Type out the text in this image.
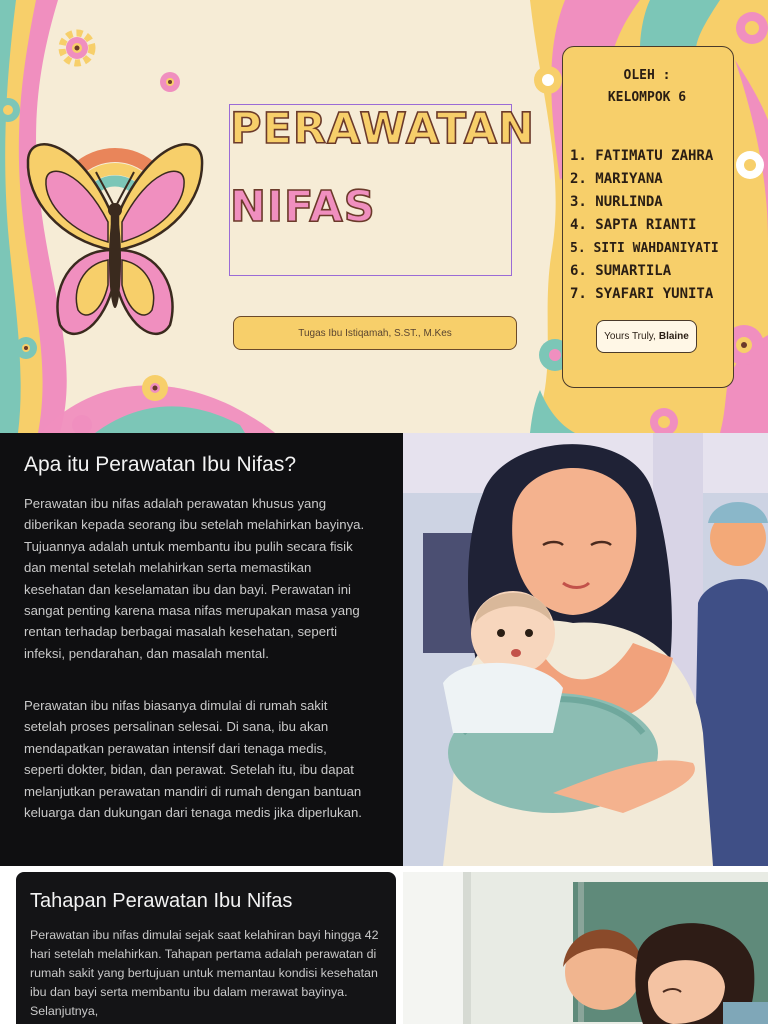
PERAWATAN
NIFAS
Tugas Ibu Istiqamah, S.ST., M.Kes
OLEH :
KELOMPOK 6
1. FATIMATU ZAHRA
2. MARIYANA
3. NURLINDA
4. SAPTA RIANTI
5. SITI WAHDANIYATI
6. SUMARTILA
7. SYAFARI YUNITA
Yours Truly, Blaine
Apa itu Perawatan Ibu Nifas?
Perawatan ibu nifas adalah perawatan khusus yang diberikan kepada seorang ibu setelah melahirkan bayinya. Tujuannya adalah untuk membantu ibu pulih secara fisik dan mental setelah melahirkan serta memastikan kesehatan dan keselamatan ibu dan bayi. Perawatan ini sangat penting karena masa nifas merupakan masa yang rentan terhadap berbagai masalah kesehatan, seperti infeksi, pendarahan, dan masalah mental.
Perawatan ibu nifas biasanya dimulai di rumah sakit setelah proses persalinan selesai. Di sana, ibu akan mendapatkan perawatan intensif dari tenaga medis, seperti dokter, bidan, dan perawat. Setelah itu, ibu dapat melanjutkan perawatan mandiri di rumah dengan bantuan keluarga dan dukungan dari tenaga medis jika diperlukan.
Tahapan Perawatan Ibu Nifas
Perawatan ibu nifas dimulai sejak saat kelahiran bayi hingga 42 hari setelah melahirkan. Tahapan pertama adalah perawatan di rumah sakit yang bertujuan untuk memantau kondisi kesehatan ibu dan bayi serta membantu ibu dalam merawat bayinya. Selanjutnya,
